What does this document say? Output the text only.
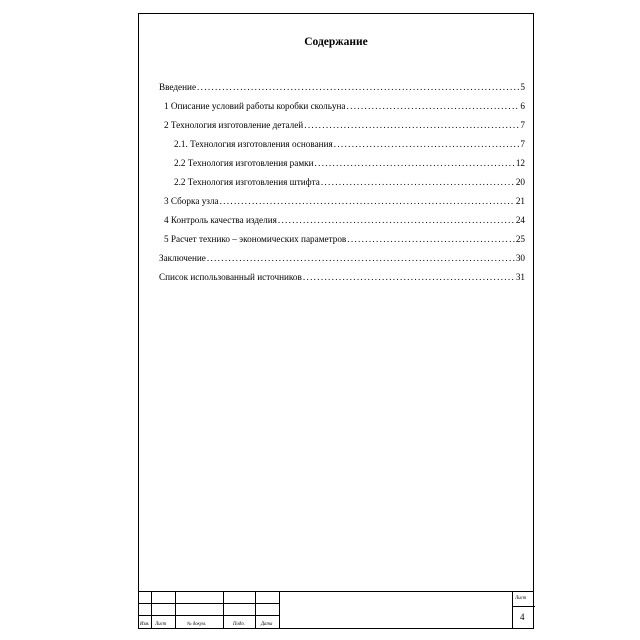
Содержание
Введение .....	5
1 Описание условий работы коробки скольуна .....	6
2 Технология изготовление деталей .....	7
2.1. Технология изготовления основания .....	7
2.2 Технология изготовления рамки .....	12
2.2 Технология изготовления штифта .....	20
3 Сборка узла .....	21
4 Контроль качества изделия .....	24
5 Расчет технико – экономических параметров .....	25
Заключение .....	30
Список использованный источников .....	31
Изм. Лист	№ докум.	Подп.	Дата
Лист
4
